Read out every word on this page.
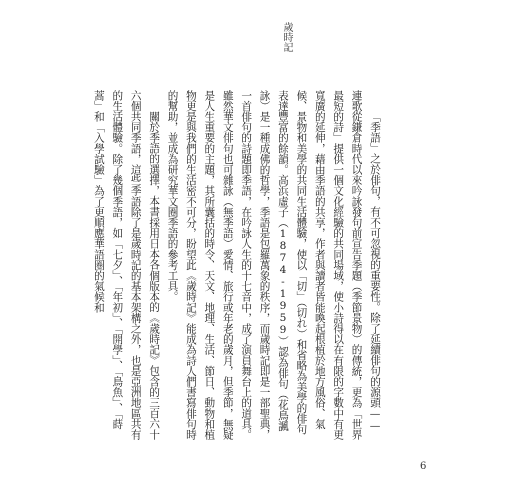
歲時記

「季語」之於俳句，有不可忽視的重要性。除了延續俳句的源頭——連歌從鎌倉時代以來吟詠發句前宣告季題（季節景物）的傳統，更為「世界最短的詩」提供一個文化經驗的共同場域，使小詩得以在有限的字數中有更寬廣的延伸，藉由季語的共享，作者與讀者皆能喚起根植於地方風俗、氣候、景物和美學的共同生活體驗，使以「切」（切れ）和省略為美學的俳句表達豐富的餘韻。高浜虛子（1874-1959）認為俳句（花鳥諷詠）是一種成佛的哲學，季語是包羅萬象的秩序，而歲時記即是一部聖典，一首俳句的詩題即季語，在吟詠人生的十七音中，成了演員舞台上的道具。雖然華文俳句也可雜詠（無季語）愛情、旅行或年老的歲月，但季節，無疑是人生重要的主題，其所囊括的時令、天文、地理、生活、節日、動物和植物更是與我們的生活密不可分，盼望此《歲時記》能成為詩人們書寫俳句時的幫助，並成為研究華文圈季語的參考工具。

關於季語的選擇，本書採用日本各個版本的《歲時記》包含的三百六十六個共同季語，這些季語除了是歲時記的基本架構之外，也是亞洲地區共有的生活體驗。除了幾個季語，如「七夕」、「年初」、「開學」、「鳥魚」、「蒔蒿」和「入學試驗」為了更順應華語圈的氣候和

6
